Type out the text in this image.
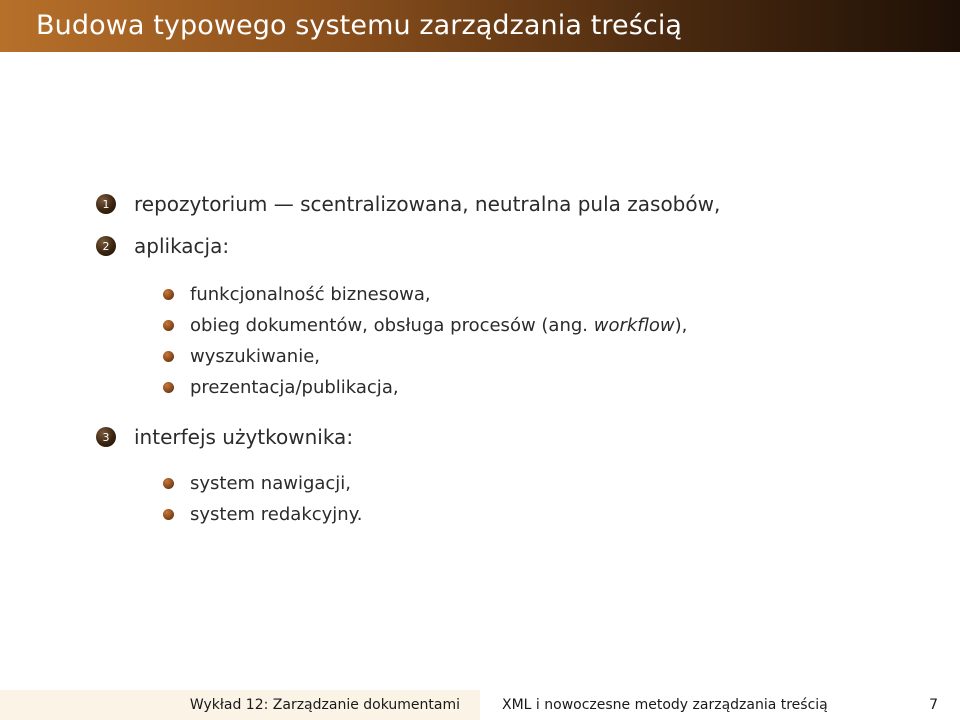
Budowa typowego systemu zarządzania treścią
1	repozytorium — scentralizowana, neutralna pula zasobów,
2	aplikacja:
funkcjonalność biznesowa,
obieg dokumentów, obsługa procesów (ang. workflow),
wyszukiwanie,
prezentacja/publikacja,
3	interfejs użytkownika:
system nawigacji,
system redakcyjny.
Wykład 12: Zarządzanie dokumentami	XML i nowoczesne metody zarządzania treścią	7
